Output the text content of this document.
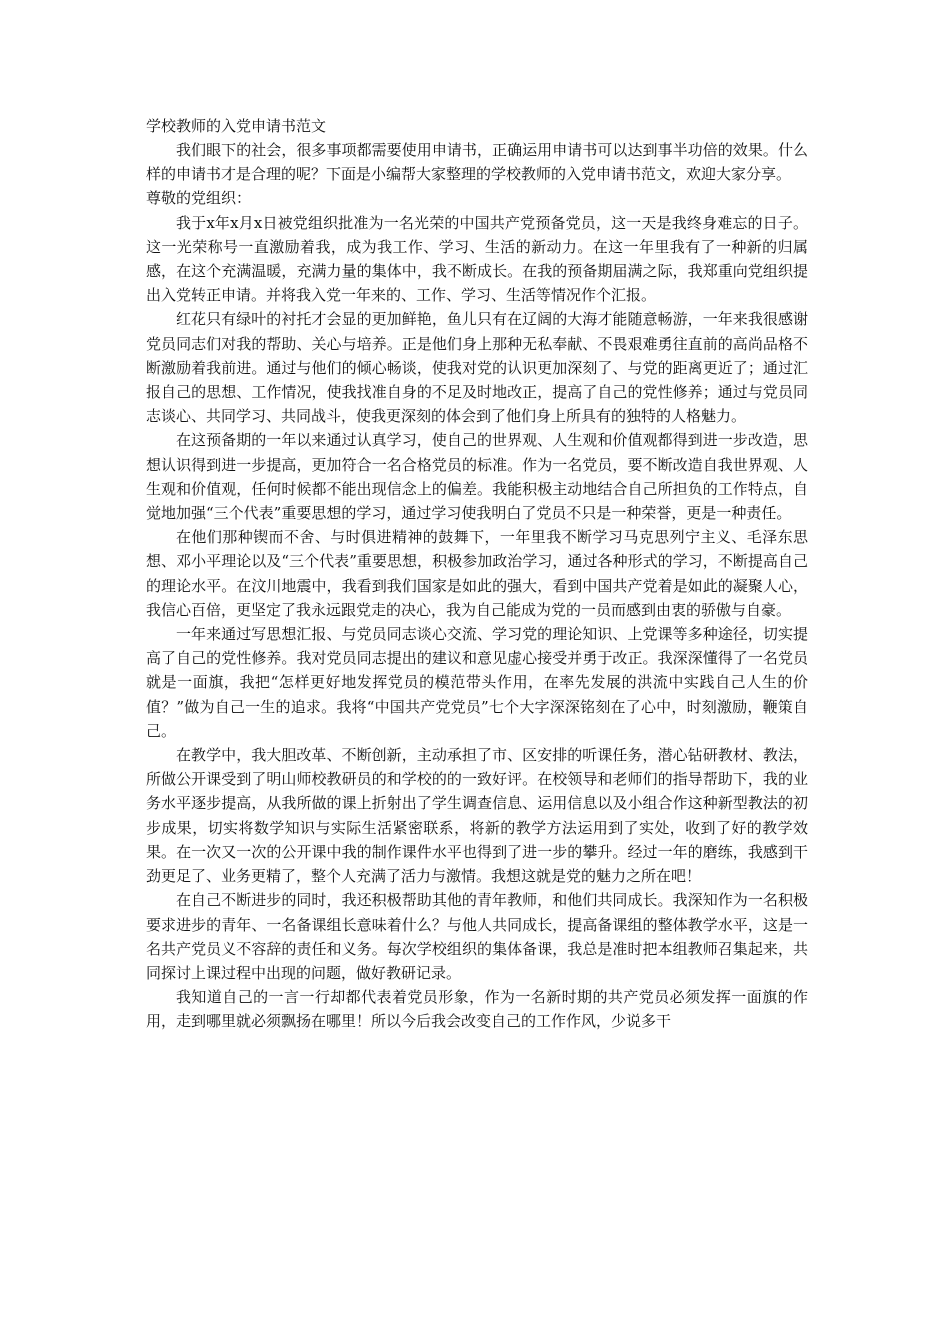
学校教师的入党申请书范文

我们眼下的社会，很多事项都需要使用申请书，正确运用申请书可以达到事半功倍的效果。什么样的申请书才是合理的呢？下面是小编帮大家整理的学校教师的入党申请书范文，欢迎大家分享。

尊敬的党组织：

我于x年x月x日被党组织批准为一名光荣的中国共产党预备党员，这一天是我终身难忘的日子。这一光荣称号一直激励着我，成为我工作、学习、生活的新动力。在这一年里我有了一种新的归属感，在这个充满温暖，充满力量的集体中，我不断成长。在我的预备期届满之际，我郑重向党组织提出入党转正申请。并将我入党一年来的、工作、学习、生活等情况作个汇报。

红花只有绿叶的衬托才会显的更加鲜艳，鱼儿只有在辽阔的大海才能随意畅游，一年来我很感谢党员同志们对我的帮助、关心与培养。正是他们身上那种无私奉献、不畏艰难勇往直前的高尚品格不断激励着我前进。通过与他们的倾心畅谈，使我对党的认识更加深刻了、与党的距离更近了；通过汇报自己的思想、工作情况，使我找准自身的不足及时地改正，提高了自己的党性修养；通过与党员同志谈心、共同学习、共同战斗，使我更深刻的体会到了他们身上所具有的独特的人格魅力。

在这预备期的一年以来通过认真学习，使自己的世界观、人生观和价值观都得到进一步改造，思想认识得到进一步提高，更加符合一名合格党员的标准。作为一名党员，要不断改造自我世界观、人生观和价值观，任何时候都不能出现信念上的偏差。我能积极主动地结合自己所担负的工作特点，自觉地加强“三个代表”重要思想的学习，通过学习使我明白了党员不只是一种荣誉，更是一种责任。

在他们那种锲而不舍、与时俱进精神的鼓舞下，一年里我不断学习马克思列宁主义、毛泽东思想、邓小平理论以及“三个代表”重要思想，积极参加政治学习，通过各种形式的学习，不断提高自己的理论水平。在汶川地震中，我看到我们国家是如此的强大，看到中国共产党着是如此的凝聚人心，我信心百倍，更坚定了我永远跟党走的决心，我为自己能成为党的一员而感到由衷的骄傲与自豪。

一年来通过写思想汇报、与党员同志谈心交流、学习党的理论知识、上党课等多种途径，切实提高了自己的党性修养。我对党员同志提出的建议和意见虚心接受并勇于改正。我深深懂得了一名党员就是一面旗，我把“怎样更好地发挥党员的模范带头作用，在率先发展的洪流中实践自己人生的价值？”做为自己一生的追求。我将“中国共产党党员”七个大字深深铭刻在了心中，时刻激励，鞭策自己。

在教学中，我大胆改革、不断创新，主动承担了市、区安排的听课任务，潜心钻研教材、教法，所做公开课受到了明山师校教研员的和学校的的一致好评。在校领导和老师们的指导帮助下，我的业务水平逐步提高，从我所做的课上折射出了学生调查信息、运用信息以及小组合作这种新型教法的初步成果，切实将数学知识与实际生活紧密联系，将新的教学方法运用到了实处，收到了好的教学效果。在一次又一次的公开课中我的制作课件水平也得到了进一步的攀升。经过一年的磨练，我感到干劲更足了、业务更精了，整个人充满了活力与激情。我想这就是党的魅力之所在吧！

在自己不断进步的同时，我还积极帮助其他的青年教师，和他们共同成长。我深知作为一名积极要求进步的青年、一名备课组长意味着什么？与他人共同成长，提高备课组的整体教学水平，这是一名共产党员义不容辞的责任和义务。每次学校组织的集体备课，我总是准时把本组教师召集起来，共同探讨上课过程中出现的问题，做好教研记录。

我知道自己的一言一行却都代表着党员形象，作为一名新时期的共产党员必须发挥一面旗的作用，走到哪里就必须飘扬在哪里！所以今后我会改变自己的工作作风，少说多干
